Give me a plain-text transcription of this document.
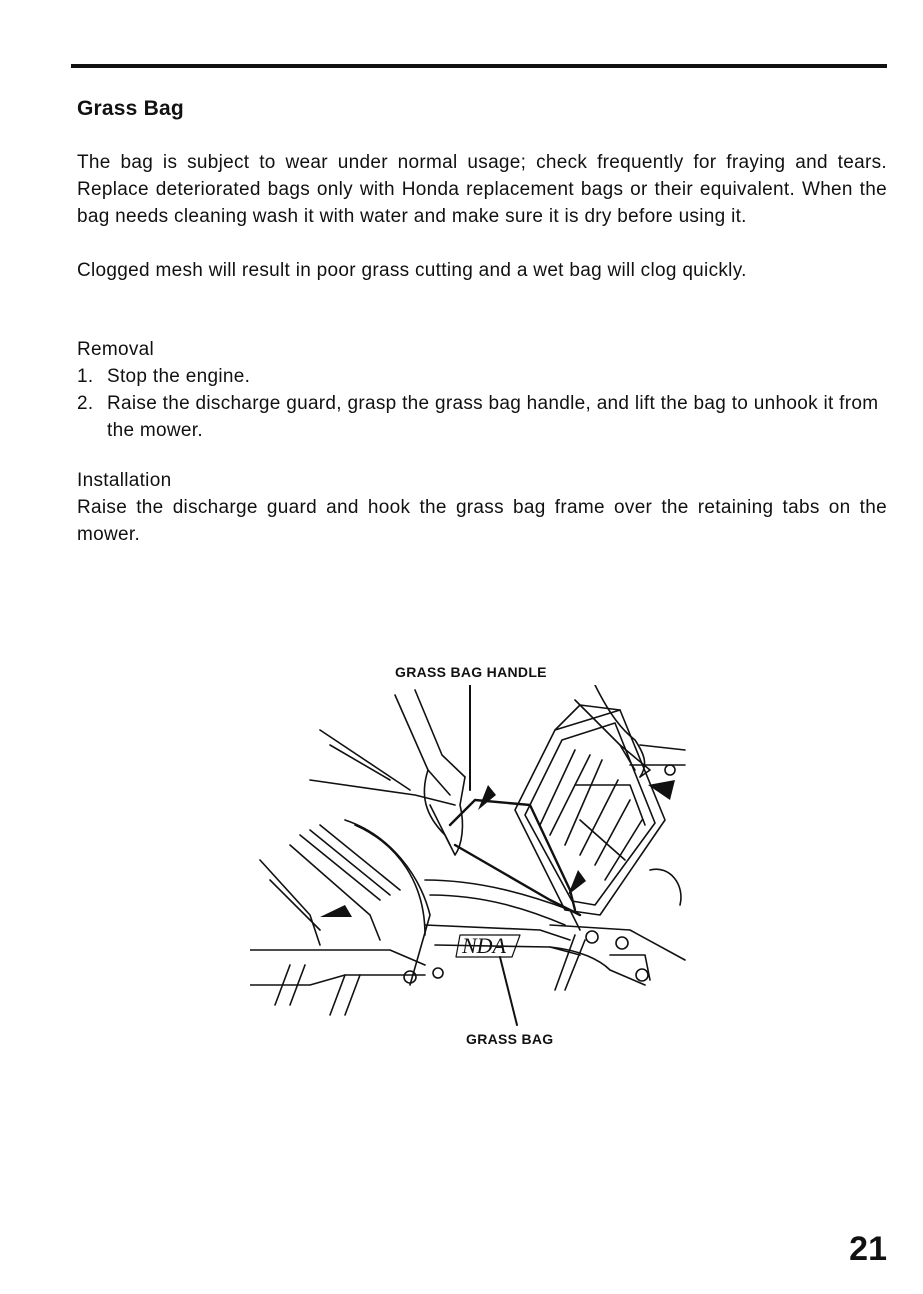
Grass Bag
The bag is subject to wear under normal usage; check frequently for fraying and tears. Replace deteriorated bags only with Honda replacement bags or their equivalent. When the bag needs cleaning wash it with water and make sure it is dry before using it.
Clogged mesh will result in poor grass cutting and a wet bag will clog quickly.
Removal
1. Stop the engine.
2. Raise the discharge guard, grasp the grass bag handle, and lift the bag to unhook it from the mower.
Installation
Raise the discharge guard and hook the grass bag frame over the retaining tabs on the mower.
GRASS BAG HANDLE
NDA
GRASS BAG
21
